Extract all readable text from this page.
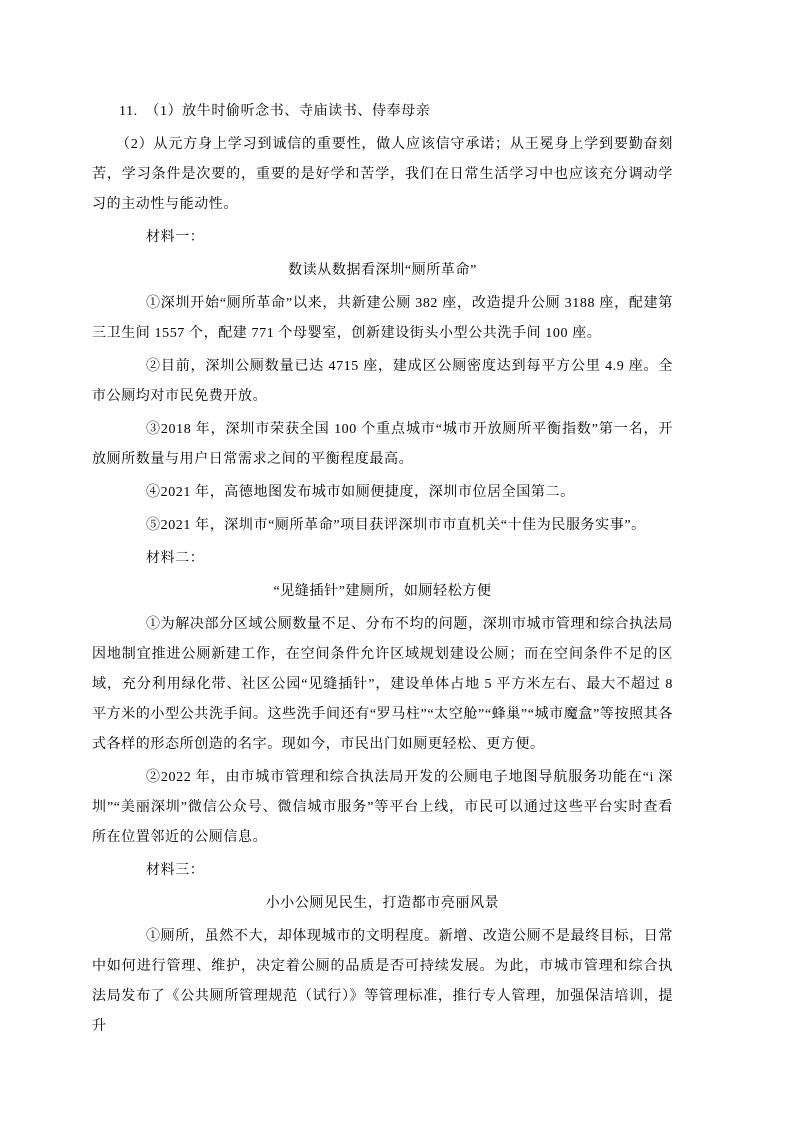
11.　（1）放牛时偷听念书、寺庙读书、侍奉母亲

（2）从元方身上学习到诚信的重要性，做人应该信守承诺；从王冕身上学到要勤奋刻苦，学习条件是次要的，重要的是好学和苦学，我们在日常生活学习中也应该充分调动学习的主动性与能动性。

材料一：

数读从数据看深圳“厕所革命”

①深圳开始“厕所革命”以来，共新建公厕 382 座，改造提升公厕 3188 座，配建第三卫生间 1557 个，配建 771 个母婴室，创新建设街头小型公共洗手间 100 座。

②目前，深圳公厕数量已达 4715 座，建成区公厕密度达到每平方公里 4.9 座。全市公厕均对市民免费开放。

③2018 年，深圳市荣获全国 100 个重点城市“城市开放厕所平衡指数”第一名，开放厕所数量与用户日常需求之间的平衡程度最高。

④2021 年，高德地图发布城市如厕便捷度，深圳市位居全国第二。

⑤2021 年，深圳市“厕所革命”项目获评深圳市市直机关“十佳为民服务实事”。

材料二：

“见缝插针”建厕所，如厕轻松方便

①为解决部分区域公厕数量不足、分布不均的问题，深圳市城市管理和综合执法局因地制宜推进公厕新建工作，在空间条件允许区域规划建设公厕；而在空间条件不足的区域，充分利用绿化带、社区公园“见缝插针”，建设单体占地 5 平方米左右、最大不超过 8 平方米的小型公共洗手间。这些洗手间还有“罗马柱”“太空舱”“蜂巢”“城市魔盒”等按照其各式各样的形态所创造的名字。现如今，市民出门如厕更轻松、更方便。

②2022 年，由市城市管理和综合执法局开发的公厕电子地图导航服务功能在“i 深圳”“美丽深圳”微信公众号、微信城市服务”等平台上线，市民可以通过这些平台实时查看所在位置邻近的公厕信息。

材料三：

小小公厕见民生，打造都市亮丽风景

①厕所，虽然不大，却体现城市的文明程度。新增、改造公厕不是最终目标，日常中如何进行管理、维护，决定着公厕的品质是否可持续发展。为此，市城市管理和综合执法局发布了《公共厕所管理规范（试行）》等管理标准，推行专人管理，加强保洁培训，提升
